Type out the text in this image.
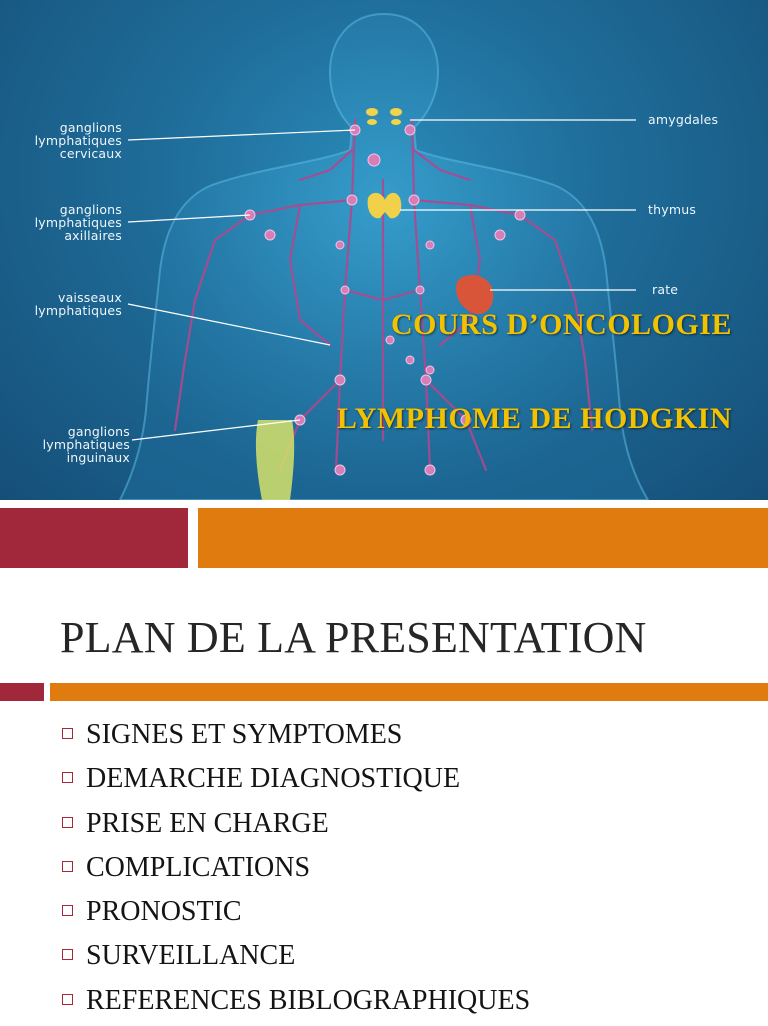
ganglions
lymphatiques
cervicaux
ganglions
lymphatiques
axillaires
vaisseaux
lymphatiques
ganglions
lymphatiques
inguinaux
amygdales
thymus
rate
COURS D’ONCOLOGIE
LYMPHOME DE HODGKIN
PLAN DE LA PRESENTATION
SIGNES ET SYMPTOMES
DEMARCHE DIAGNOSTIQUE
PRISE EN CHARGE
COMPLICATIONS
PRONOSTIC
SURVEILLANCE
REFERENCES BIBLOGRAPHIQUES
